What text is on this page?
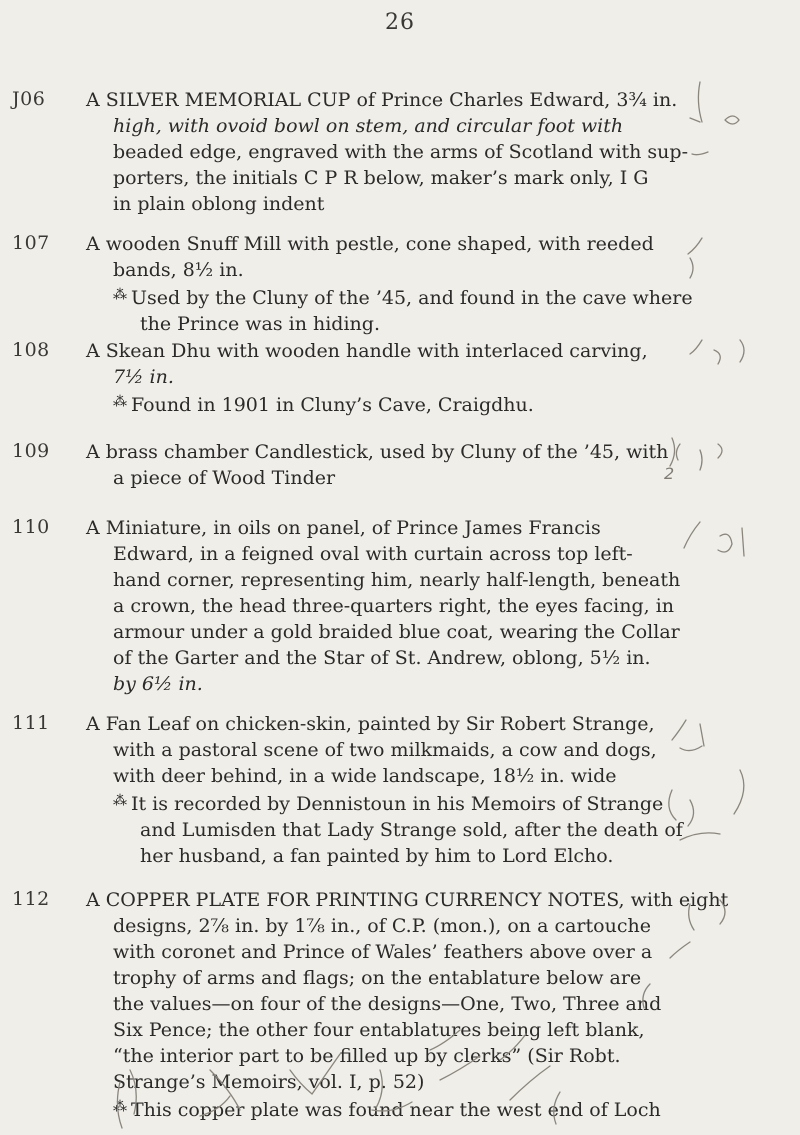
26
J06 A SILVER MEMORIAL CUP of Prince Charles Edward, 3¾ in.
high, with ovoid bowl on stem, and circular foot with
beaded edge, engraved with the arms of Scotland with sup-
porters, the initials C P R below, maker’s mark only, I G
in plain oblong indent
107 A wooden Snuff Mill with pestle, cone shaped, with reeded
bands, 8½ in.
⁂ Used by the Cluny of the ’45, and found in the cave where
the Prince was in hiding.
108 A Skean Dhu with wooden handle with interlaced carving,
7½ in.
⁂ Found in 1901 in Cluny’s Cave, Craigdhu.
109 A brass chamber Candlestick, used by Cluny of the ’45, with
a piece of Wood Tinder	2
110 A Miniature, in oils on panel, of Prince James Francis
Edward, in a feigned oval with curtain across top left-
hand corner, representing him, nearly half-length, beneath
a crown, the head three-quarters right, the eyes facing, in
armour under a gold braided blue coat, wearing the Collar
of the Garter and the Star of St. Andrew, oblong, 5½ in.
by 6½ in.
111 A Fan Leaf on chicken-skin, painted by Sir Robert Strange,
with a pastoral scene of two milkmaids, a cow and dogs,
with deer behind, in a wide landscape, 18½ in. wide
⁂ It is recorded by Dennistoun in his Memoirs of Strange
and Lumisden that Lady Strange sold, after the death of
her husband, a fan painted by him to Lord Elcho.
112 A COPPER PLATE FOR PRINTING CURRENCY NOTES, with eight
designs, 2⅞ in. by 1⅞ in., of C.P. (mon.), on a cartouche
with coronet and Prince of Wales’ feathers above over a
trophy of arms and flags; on the entablature below are
the values—on four of the designs—One, Two, Three and
Six Pence; the other four entablatures being left blank,
“the interior part to be filled up by clerks” (Sir Robt.
Strange’s Memoirs, vol. I, p. 52)
⁂ This copper plate was found near the west end of Loch
